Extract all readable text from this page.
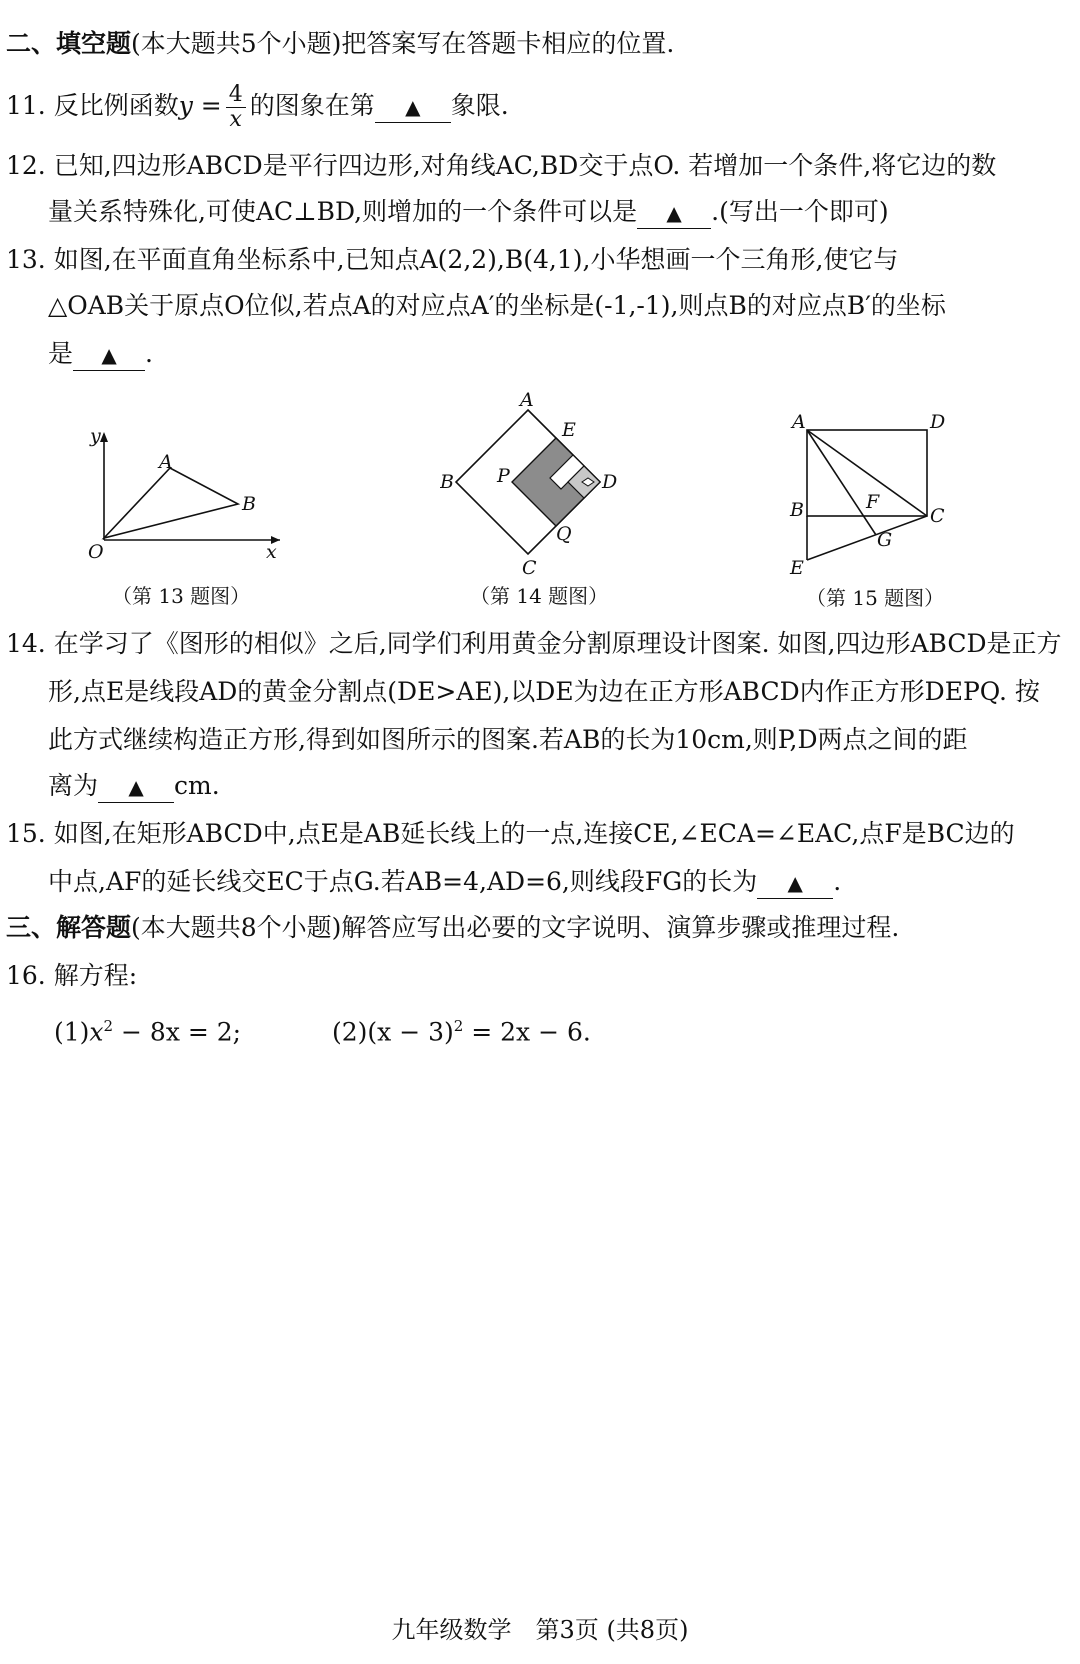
二、填空题(本大题共5个小题)把答案写在答题卡相应的位置.
11. 反比例函数$y = \frac{4}{x}$ 的图象在第 ▲ 象限.
12. 已知,四边形ABCD是平行四边形,对角线AC,BD交于点O. 若增加一个条件,将它边的数
量关系特殊化,可使AC⊥BD,则增加的一个条件可以是 ▲ .(写出一个即可)
13. 如图,在平面直角坐标系中,已知点A(2,2),B(4,1),小华想画一个三角形,使它与
△OAB关于原点O位似,若点A的对应点A′的坐标是(-1,-1),则点B的对应点B′的坐标
是 ▲ .
y
x
O
A
B
（第 13 题图）
A
E
B P	D
Q
C
（第 14 题图）
A	D
B	C
F
G
E
（第 15 题图）
14. 在学习了《图形的相似》之后,同学们利用黄金分割原理设计图案. 如图,四边形ABCD是正方
形,点E是线段AD的黄金分割点(DE>AE),以DE为边在正方形ABCD内作正方形DEPQ. 按
此方式继续构造正方形,得到如图所示的图案.若AB的长为10cm,则P,D两点之间的距
离为 ▲ cm.
15. 如图,在矩形ABCD中,点E是AB延长线上的一点,连接CE,∠ECA=∠EAC,点F是BC边的
中点,AF的延长线交EC于点G.若AB=4,AD=6,则线段FG的长为 ▲ .
三、解答题(本大题共8个小题)解答应写出必要的文字说明、演算步骤或推理过程.
16. 解方程:
$(1)x^2 - 8x = 2$;	$(2)(x - 3)^2 = 2x - 6$.
九年级数学　第3页 (共8页)
